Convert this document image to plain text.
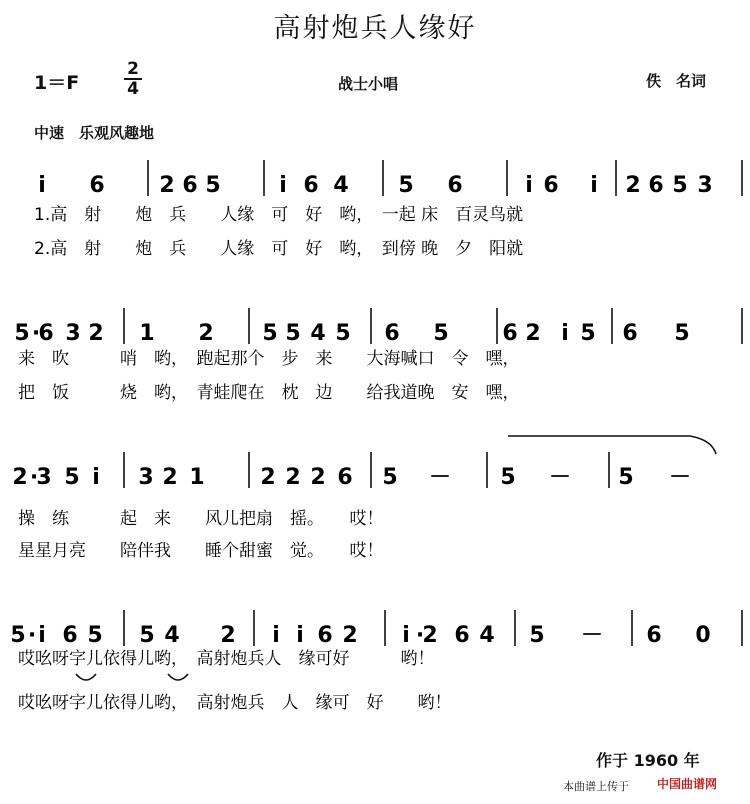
高射炮兵人缘好
1＝F
2
4	战士小唱	佚　名词
中速　乐观风趣地
i 6 2 6 5	i 6 4 5 6	i 6 i 2 6 5 3
1.高　射　　炮　兵　　人缘　可　好　哟，　一起 床　百灵鸟就
2.高　射　　炮　兵　　人缘　可　好　哟，　到傍 晚　夕　阳就
5 ·
6 3 2 1 2 5 5 4 5 6 5 6 2 i 5 6 5
来　吹　　　哨　哟，　跑起那个　步　来　　大海喊口　令　嘿，
把　饭　　　烧　哟，　青蛙爬在　枕　边　　给我道晚　安　嘿，
2 ·
3 5 i 3 2 1	2 2 2 6 5 － 5 － 5 －
操　练　　　起　来　　风儿把扇　摇。　　哎！
星星月亮　　陪伴我　　睡个甜蜜　觉。　　哎！
5 · i 6 5 5 4 2 i i 6 2 i ·
2 6 4 5 － 6 0
哎吆呀字儿依得儿哟，　高射炮兵人　缘可好　　　哟！
哎吆呀字儿依得儿哟，　高射炮兵　人　缘可　好　　哟！
作于 1960 年
本曲谱上传于 中国曲谱网
